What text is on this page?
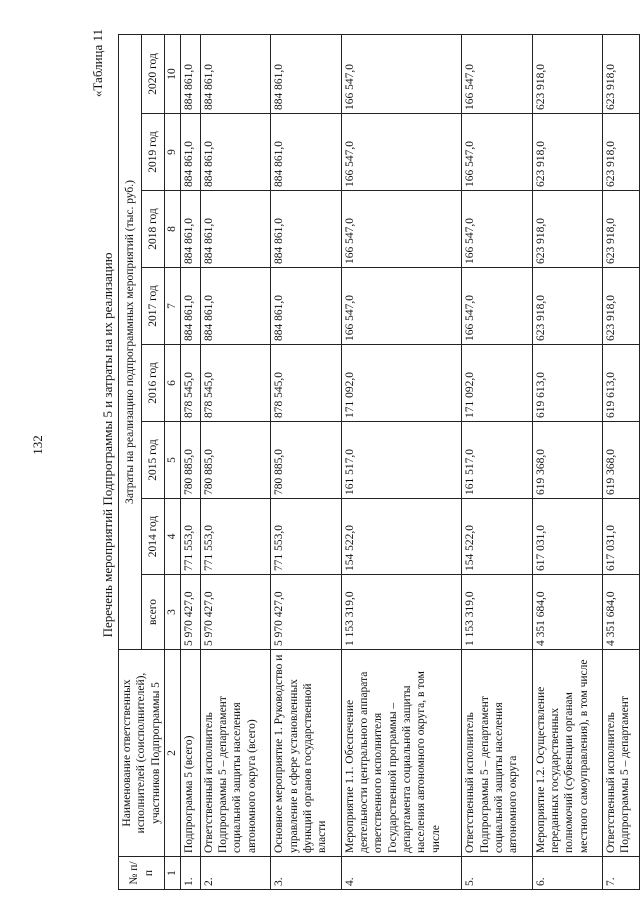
132
«Таблица 11
Перечень мероприятий Подпрограммы 5 и затраты на их реализацию
№ п/п	Наименование ответственных исполнителей (соисполнителей), участников Подпрограммы 5	Затраты на реализацию подпрограммных мероприятий (тыс. руб.)							
		всего	2014 год	2015 год	2016 год	2017 год	2018 год	2019 год	2020 год
1	2	3	4	5	6	7	8	9	10
1.	Подпрограмма 5 (всего)	5 970 427,0	771 553,0	780 885,0	878 545,0	884 861,0	884 861,0	884 861,0	884 861,0
2.	Ответственный исполнитель Подпрограммы 5 – департамент социальной защиты населения автономного округа (всего)	5 970 427,0	771 553,0	780 885,0	878 545,0	884 861,0	884 861,0	884 861,0	884 861,0
3.	Основное мероприятие 1. Руководство и управление в сфере установленных функций органов государственной власти	5 970 427,0	771 553,0	780 885,0	878 545,0	884 861,0	884 861,0	884 861,0	884 861,0
4.	Мероприятие 1.1. Обеспечение деятельности центрального аппарата ответственного исполнителя Государственной программы – департамента социальной защиты населения автономного округа, в том числе	1 153 319,0	154 522,0	161 517,0	171 092,0	166 547,0	166 547,0	166 547,0	166 547,0
5.	Ответственный исполнитель Подпрограммы 5 – департамент социальной защиты населения автономного округа	1 153 319,0	154 522,0	161 517,0	171 092,0	166 547,0	166 547,0	166 547,0	166 547,0
6.	Мероприятие 1.2. Осуществление переданных государственных полномочий (субвенции органам местного самоуправления), в том числе	4 351 684,0	617 031,0	619 368,0	619 613,0	623 918,0	623 918,0	623 918,0	623 918,0
7.	Ответственный исполнитель Подпрограммы 5 – департамент	4 351 684,0	617 031,0	619 368,0	619 613,0	623 918,0	623 918,0	623 918,0	623 918,0
